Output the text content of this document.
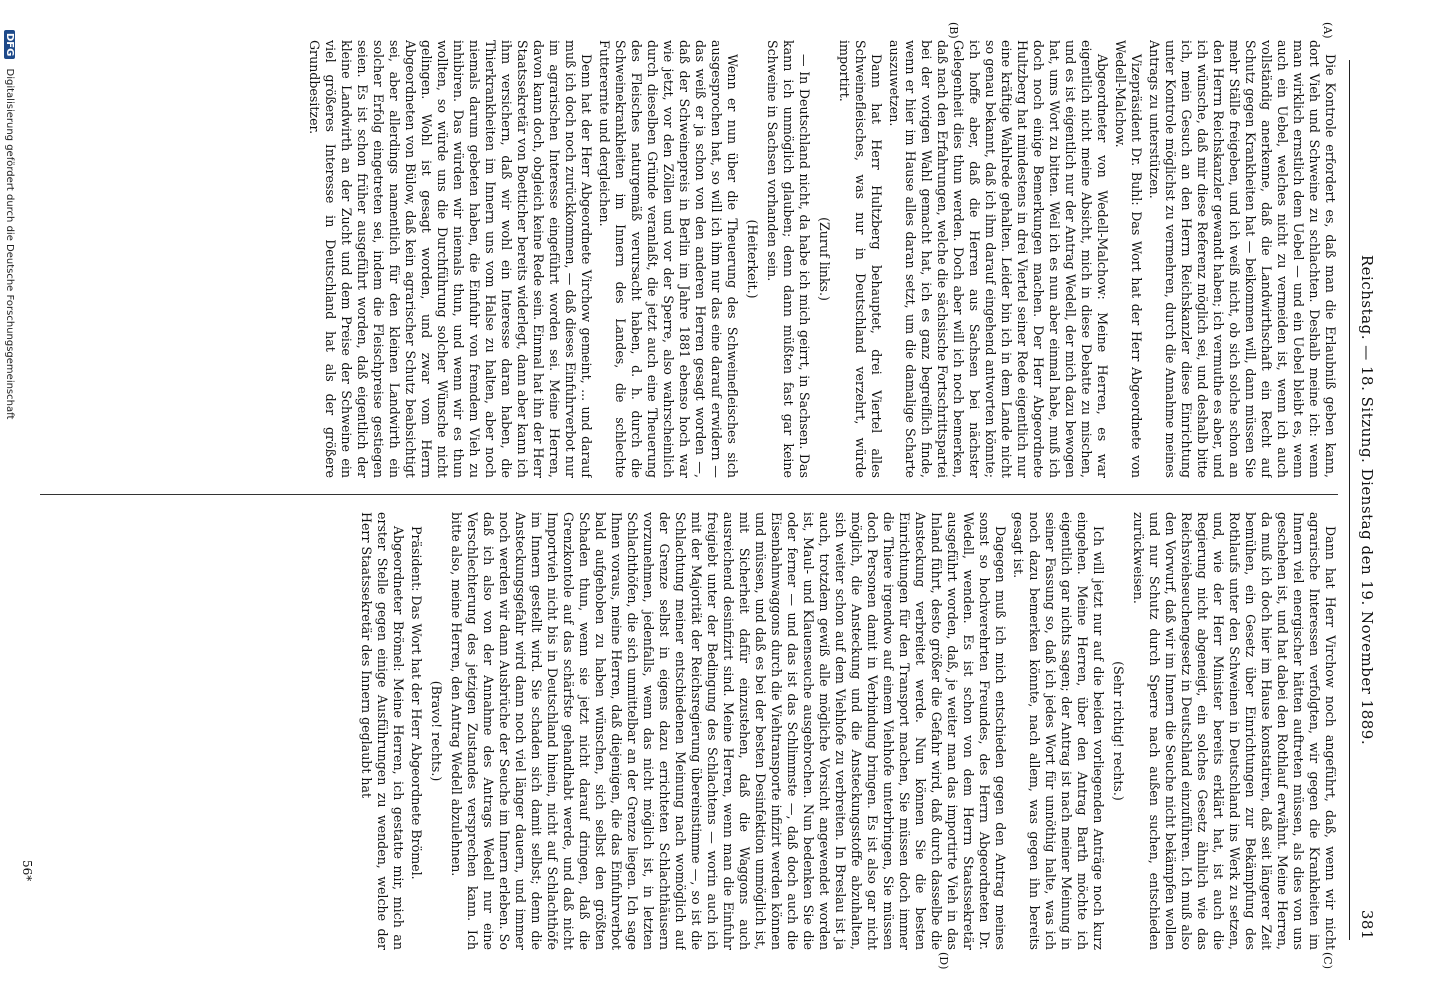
Reichstag. — 18. Sitzung. Dienstag den 19. November 1889.
381
(A)
(B)
(C)
(D)

Die Kontrole erfordert es, daß man die Erlaubniß geben kann, dort Vieh und Schweine zu schlachten. Deshalb meine ich: wenn man wirklich ernstlich dem Uebel — und ein Uebel bleibt es, wenn auch ein Uebel, welches nicht zu vermeiden ist, wenn ich auch vollständig anerkenne, daß die Landwirthschaft ein Recht auf Schutz gegen Krankheiten hat — beikommen will, dann müssen Sie mehr Ställe freigeben, und ich weiß nicht, ob sich solche schon an den Herrn Reichskanzler gewandt haben; ich vermuthe es aber, und ich wünsche, daß mir diese Referenz möglich sei, und deshalb bitte ich, mein Gesuch an den Herrn Reichskanzler diese Einrichtung unter Kontrole möglichst zu vermehren, durch die Annahme meines Antrags zu unterstützen.

Vizepräsident Dr. Buhl: Das Wort hat der Herr Abgeordnete von Wedell-Malchow.

Abgeordneter von Wedell-Malchow: Meine Herren, es war eigentlich nicht meine Absicht, mich in diese Debatte zu mischen, und es ist eigentlich nur der Antrag Wedell, der mich dazu bewogen hat, ums Wort zu bitten. Weil ich es nun aber einmal habe, muß ich doch noch einige Bemerkungen machen. Der Herr Abgeordnete Hultzberg hat mindestens in drei Viertel seiner Rede eigentlich nur eine kräftige Wahlrede gehalten. Leider bin ich in dem Lande nicht so genau bekannt, daß ich ihm darauf eingehend antworten könnte; ich hoffe aber, daß die Herren aus Sachsen bei nächster Gelegenheit dies thun werden. Doch aber will ich noch bemerken, daß nach den Erfahrungen, welche die sächsische Fortschrittspartei bei der vorigen Wahl gemacht hat, ich es ganz begreiflich finde, wenn er hier im Hause alles daran setzt, um die damalige Scharte auszuwetzen.

Dann hat Herr Hultzberg behauptet, drei Viertel alles Schweinefleisches, was nur in Deutschland verzehrt, würde importirt.

(Zuruf links.)

— In Deutschland nicht, da habe ich mich geirrt, in Sachsen. Das kann ich unmöglich glauben; denn dann müßten fast gar keine Schweine in Sachsen vorhanden sein.

(Heiterkeit.)

Wenn er nun über die Theuerung des Schweinefleisches sich ausgesprochen hat, so will ich ihm nur das eine darauf erwidern — das weiß er ja schon von den anderen Herren gesagt worden —, daß der Schweinepreis in Berlin im Jahre 1881 ebenso hoch war wie jetzt, vor den Zöllen und vor der Sperre, also wahrscheinlich durch dieselben Gründe veranlaßt, die jetzt auch eine Theuerung des Fleisches naturgemäß verursacht haben, d. h. durch die Schweinekrankheiten im Innern des Landes, die schlechte Futterernte und dergleichen.

Denn hat der Herr Abgeordnete Virchow gemeint, ... und darauf muß ich doch noch zurückkommen, — daß dieses Einfuhrverbot nur im agrarischen Interesse eingeführt worden sei. Meine Herren, davon kann doch, obgleich keine Rede sein. Einmal hat ihn der Herr Staatssekretär von Boetticher bereits widerlegt, dann aber kann ich ihm versichern, daß wir wohl ein Interesse daran haben, die Thierkrankheiten im Innern uns vom Halse zu halten, aber noch niemals darum gebeten haben, die Einfuhr von fremdem Vieh zu inhibiren. Das würden wir niemals thun, und wenn wir es thun wollten, so würde uns die Durchführung solcher Wünsche nicht gelingen. Wohl ist gesagt worden, und zwar vom Herrn Abgeordneten von Bülow, daß kein agrarischer Schutz beabsichtigt sei, aber allerdings namentlich für den kleinen Landwirth ein solcher Erfolg eingetreten sei, indem die Fleischpreise gestiegen seien. Es ist schon früher ausgeführt worden, daß eigentlich der kleine Landwirth an der Zucht und dem Preise der Schweine ein viel größeres Interesse in Deutschland hat als der größere Grundbesitzer.

Dann hat Herr Virchow noch angeführt, daß, wenn wir nicht agrarische Interessen verfolgten, wir gegen die Krankheiten im Innern viel energischer hätten auftreten müssen, als dies von uns geschehen ist, und hat dabei den Rothlauf erwähnt. Meine Herren, da muß ich doch hier im Hause konstatiren, daß seit längerer Zeit bemühen, ein Gesetz über Einrichtungen zur Bekämpfung des Rothlaufs unter den Schweinen in Deutschland ins Werk zu setzen, und, wie der Herr Minister bereits erklärt hat, ist auch die Regierung nicht abgeneigt, ein solches Gesetz ähnlich wie das Reichsviehseuchengesetz in Deutschland einzuführen. Ich muß also den Vorwurf, daß wir im Innern die Seuche nicht bekämpfen wollen und nur Schutz durch Sperre nach außen suchen, entschieden zurückweisen.

(Sehr richtig! rechts.)

Ich will jetzt nur auf die beiden vorliegenden Anträge noch kurz eingehen. Meine Herren, über den Antrag Barth möchte ich eigentlich gar nichts sagen; der Antrag ist nach meiner Meinung in seiner Fassung so, daß ich jedes Wort für unnöthig halte, was ich noch dazu bemerken könnte, nach allem, was gegen ihn bereits gesagt ist.

Dagegen muß ich mich entschieden gegen den Antrag meines sonst so hochverehrten Freundes, des Herrn Abgeordneten Dr. Wedell, wenden. Es ist schon von dem Herrn Staatssekretär ausgeführt worden, daß, je weiter man das importirte Vieh in das Inland führt, desto größer die Gefahr wird, daß durch dasselbe die Ansteckung verbreitet werde. Nun können Sie die besten Einrichtungen für den Transport machen, Sie müssen doch immer die Thiere irgendwo auf einem Viehhofe unterbringen, Sie müssen doch Personen damit in Verbindung bringen. Es ist also gar nicht möglich, die Ansteckung und die Ansteckungsstoffe abzuhalten, sich weiter schon auf dem Viehhofe zu verbreiten. In Breslau ist ja auch, trotzdem gewiß alle mögliche Vorsicht angewendet worden ist, Maul- und Klauenseuche ausgebrochen. Nun bedenken Sie die oder ferner — und das ist das Schlimmste —, daß doch auch die Eisenbahnwaggons durch die Viehtransporte infizirt werden können und müssen, und daß es bei der besten Desinfektion unmöglich ist, mit Sicherheit dafür einzustehen, daß die Waggons auch ausreichend desinfizirt sind. Meine Herren, wenn man die Einfuhr freigiebt unter der Bedingung des Schlachtens — worin auch ich mit der Majorität der Reichsregierung übereinstimme —, so ist die Schlachtung meiner entschiedenen Meinung nach womöglich auf der Grenze selbst in eigens dazu errichteten Schlachthäusern vorzunehmen, jedenfalls, wenn das nicht möglich ist, in letzten Schlachthöfen, die sich unmittelbar an der Grenze liegen. Ich sage Ihnen voraus, meine Herren, daß diejenigen, die das Einfuhrverbot bald aufgehoben zu haben wünschen, sich selbst den größten Schaden thun, wenn sie jetzt nicht darauf dringen, daß die Grenzkontole auf das schärfste gehandhabt werde, und daß nicht Importvieh nicht bis in Deutschland hinein, nicht auf Schlachthöfe im Innern gestellt wird. Sie schaden sich damit selbst; denn die Ansteckungsgefahr wird dann noch viel länger dauern, und immer noch werden wir dann Ausbrüche der Seuche im Innern erleben. So daß ich also von der Annahme des Antrags Wedell nur eine Verschlechterung des jetzigen Zustandes versprechen kann. Ich bitte also, meine Herren, den Antrag Wedell abzulehnen.

(Bravo! rechts.)

Präsident: Das Wort hat der Herr Abgeordnete Brömel.

Abgeordneter Brömel: Meine Herren, ich gestatte mir, mich an erster Stelle gegen einige Ausführungen zu wenden, welche der Herr Staatssekretär des Innern geglaubt hat

56*
DFG Digitalisierung gefördert durch die Deutsche Forschungsgemeinschaft
